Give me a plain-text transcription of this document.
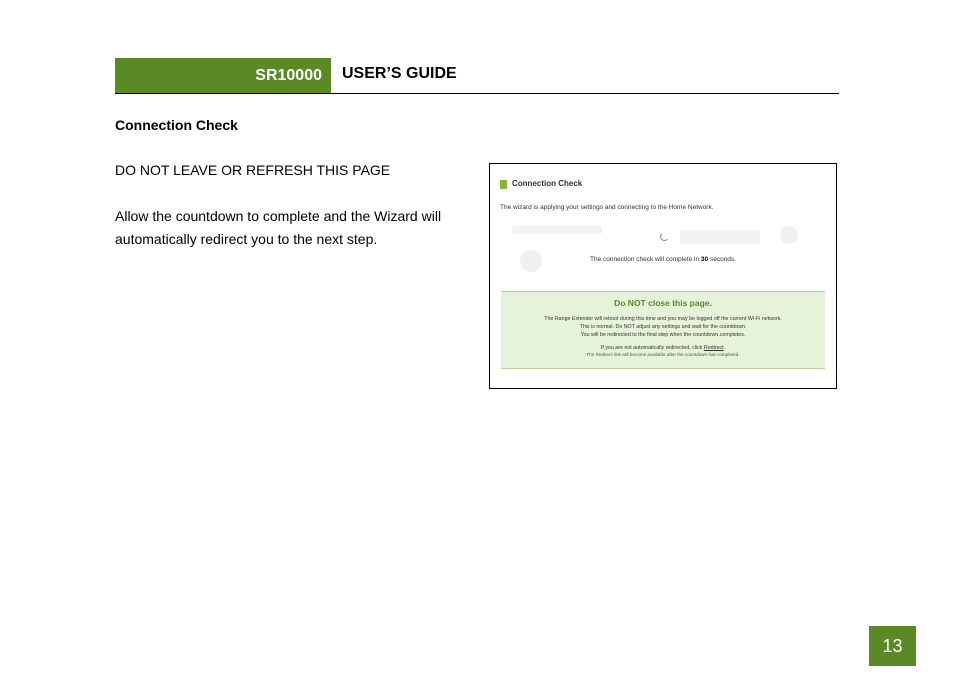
SR10000 USER’S GUIDE
Connection Check
DO NOT LEAVE OR REFRESH THIS PAGE
Allow the countdown to complete and the Wizard will automatically redirect you to the next step.
Connection Check
The wizard is applying your settings and connecting to the Home Network.
The connection check will complete in 30 seconds.
Do NOT close this page.
The Range Extender will reboot during this time and you may be logged off the current Wi-Fi network.
This is normal. Do NOT adjust any settings and wait for the countdown.
You will be redirected to the final step when the countdown completes.
If you are not automatically redirected, click Redirect.
The Redirect link will become available after the countdown has completed.
13
